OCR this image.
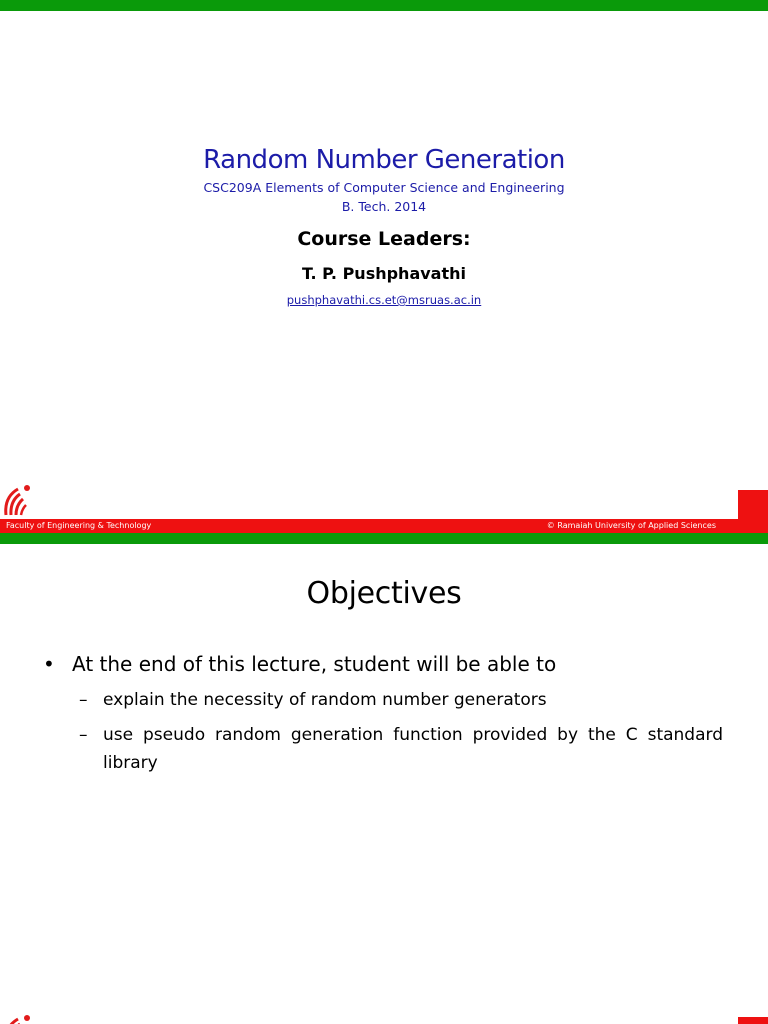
Random Number Generation
CSC209A Elements of Computer Science and Engineering
B. Tech. 2014
Course Leaders:
T. P. Pushphavathi
pushphavathi.cs.et@msruas.ac.in
Faculty of Engineering & Technology	© Ramaiah University of Applied Sciences
Objectives
• At the end of this lecture, student will be able to
– explain the necessity of random number generators
– use pseudo random generation function provided by the C standard library
